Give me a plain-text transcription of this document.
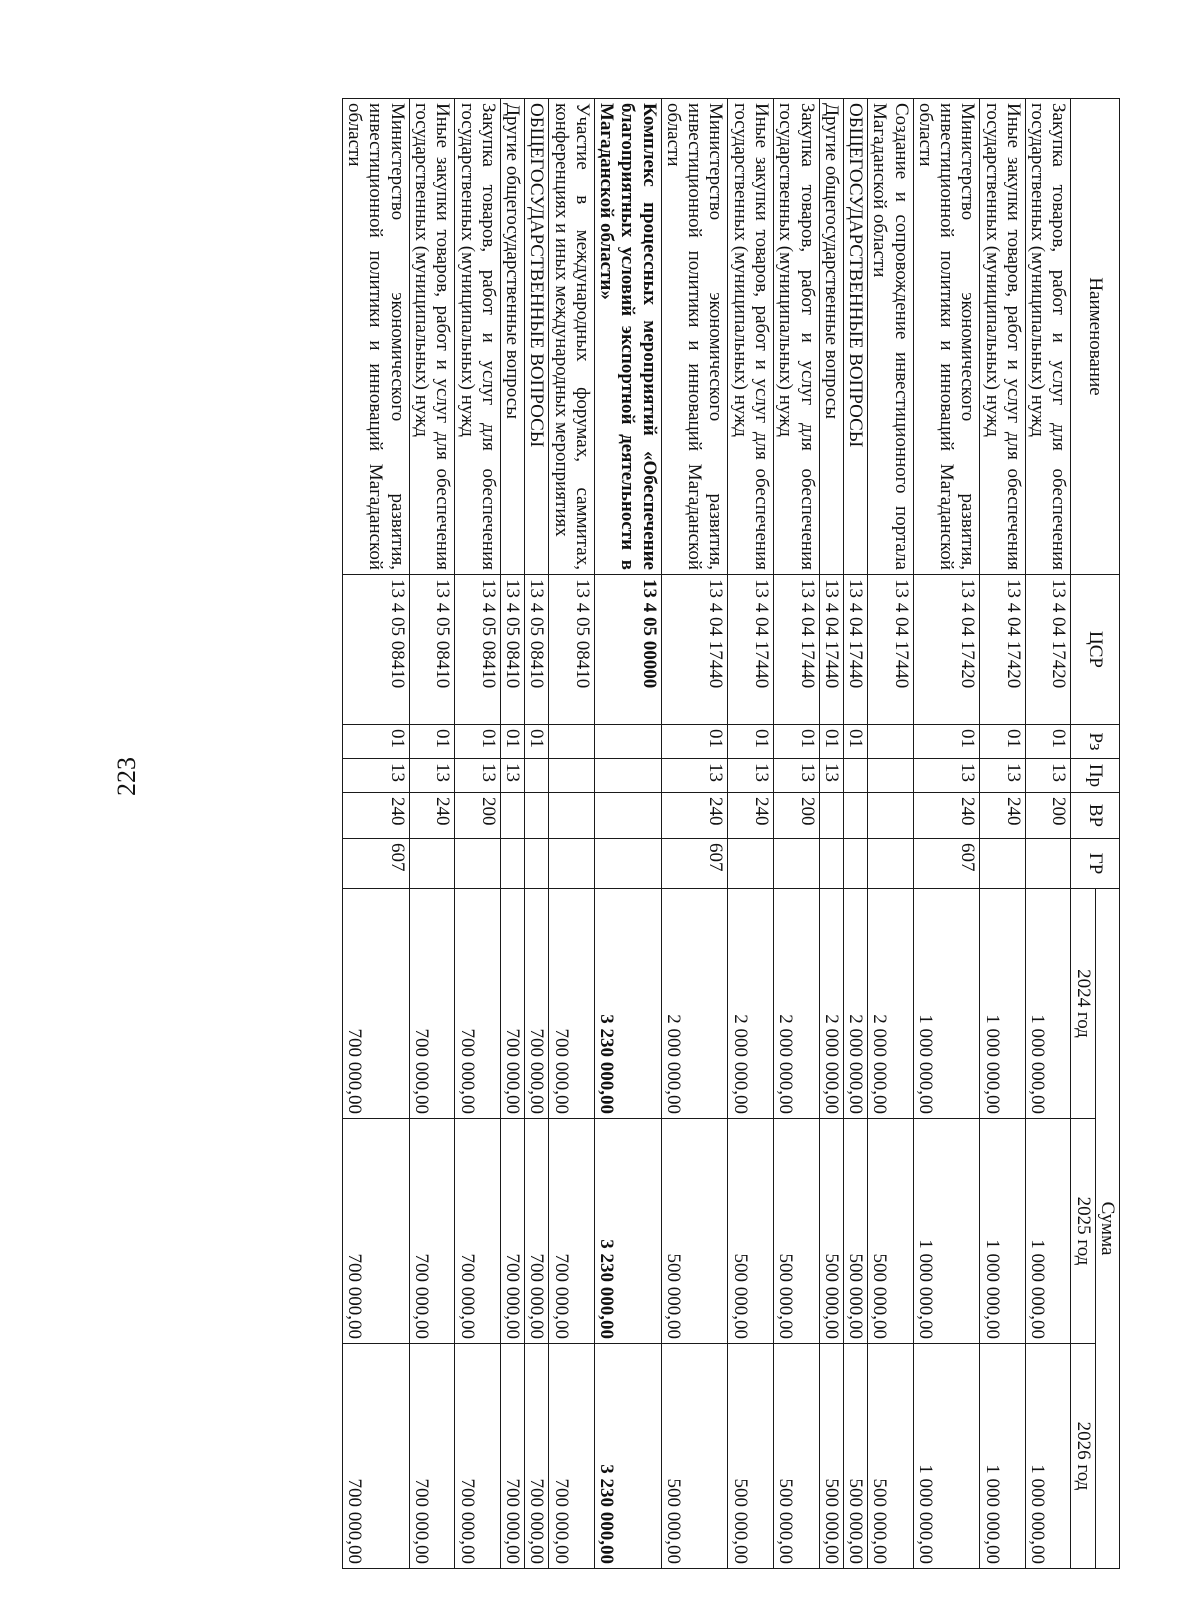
223
Наименование	ЦСР	Рз	Пр	ВР	ГР	Сумма		
						2024 год	2025 год	2026 год
Закупка товаров, работ и услуг для обеспечения государственных (муниципальных) нужд	13 4 04 17420	01	13	200		1 000 000,00	1 000 000,00	1 000 000,00
Иные закупки товаров, работ и услуг для обеспечения государственных (муниципальных) нужд	13 4 04 17420	01	13	240		1 000 000,00	1 000 000,00	1 000 000,00
Министерство экономического развития, инвестиционной политики и инноваций Магаданской области	13 4 04 17420	01	13	240	607	1 000 000,00	1 000 000,00	1 000 000,00
Создание и сопровождение инвестиционного портала Магаданской области	13 4 04 17440					2 000 000,00	500 000,00	500 000,00
ОБЩЕГОСУДАРСТВЕННЫЕ ВОПРОСЫ	13 4 04 17440	01				2 000 000,00	500 000,00	500 000,00
Другие общегосударственные вопросы	13 4 04 17440	01	13			2 000 000,00	500 000,00	500 000,00
Закупка товаров, работ и услуг для обеспечения государственных (муниципальных) нужд	13 4 04 17440	01	13	200		2 000 000,00	500 000,00	500 000,00
Иные закупки товаров, работ и услуг для обеспечения государственных (муниципальных) нужд	13 4 04 17440	01	13	240		2 000 000,00	500 000,00	500 000,00
Министерство экономического развития, инвестиционной политики и инноваций Магаданской области	13 4 04 17440	01	13	240	607	2 000 000,00	500 000,00	500 000,00
Комплекс процессных мероприятий «Обеспечение благоприятных условий экспортной деятельности в Магаданской области»	13 4 05 00000					3 230 000,00	3 230 000,00	3 230 000,00
Участие в международных форумах, саммитах, конференциях и иных международных мероприятиях	13 4 05 08410					700 000,00	700 000,00	700 000,00
ОБЩЕГОСУДАРСТВЕННЫЕ ВОПРОСЫ	13 4 05 08410	01				700 000,00	700 000,00	700 000,00
Другие общегосударственные вопросы	13 4 05 08410	01	13			700 000,00	700 000,00	700 000,00
Закупка товаров, работ и услуг для обеспечения государственных (муниципальных) нужд	13 4 05 08410	01	13	200		700 000,00	700 000,00	700 000,00
Иные закупки товаров, работ и услуг для обеспечения государственных (муниципальных) нужд	13 4 05 08410	01	13	240		700 000,00	700 000,00	700 000,00
Министерство экономического развития, инвестиционной политики и инноваций Магаданской области	13 4 05 08410	01	13	240	607	700 000,00	700 000,00	700 000,00
